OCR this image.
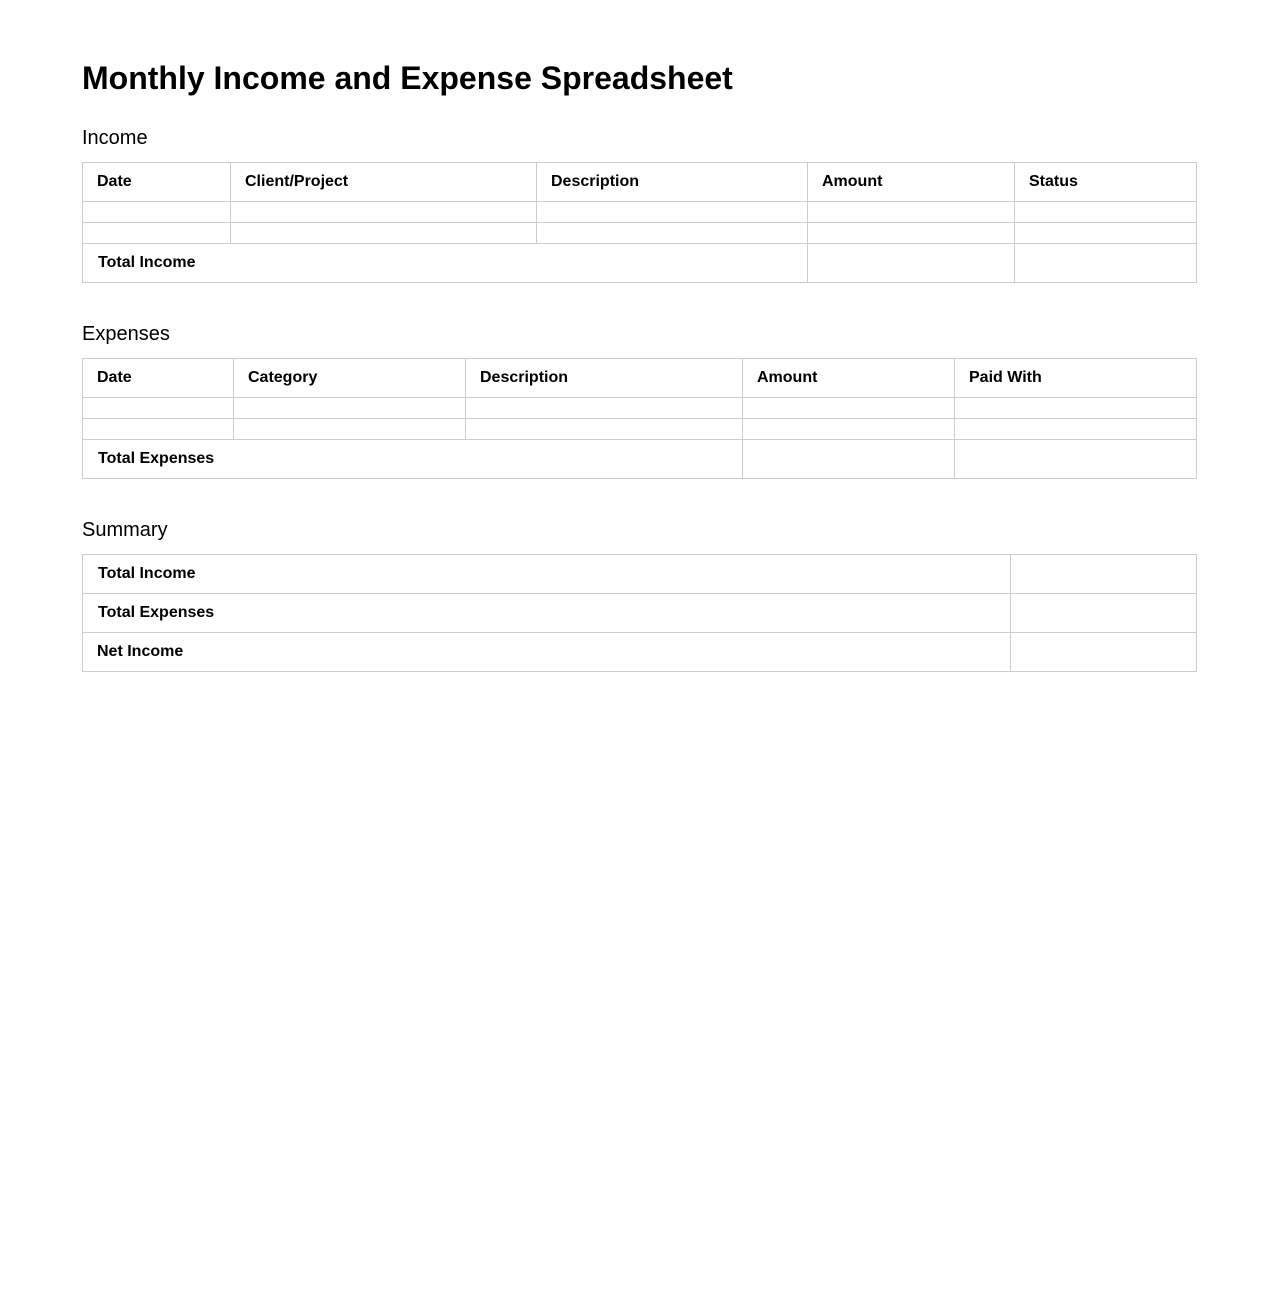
Monthly Income and Expense Spreadsheet
Income
Date	Client/Project	Description	Amount	Status

Total Income				
Expenses
Date	Category	Description	Amount	Paid With

Total Expenses				
Summary
Total Income	
Total Expenses	
Net Income	
